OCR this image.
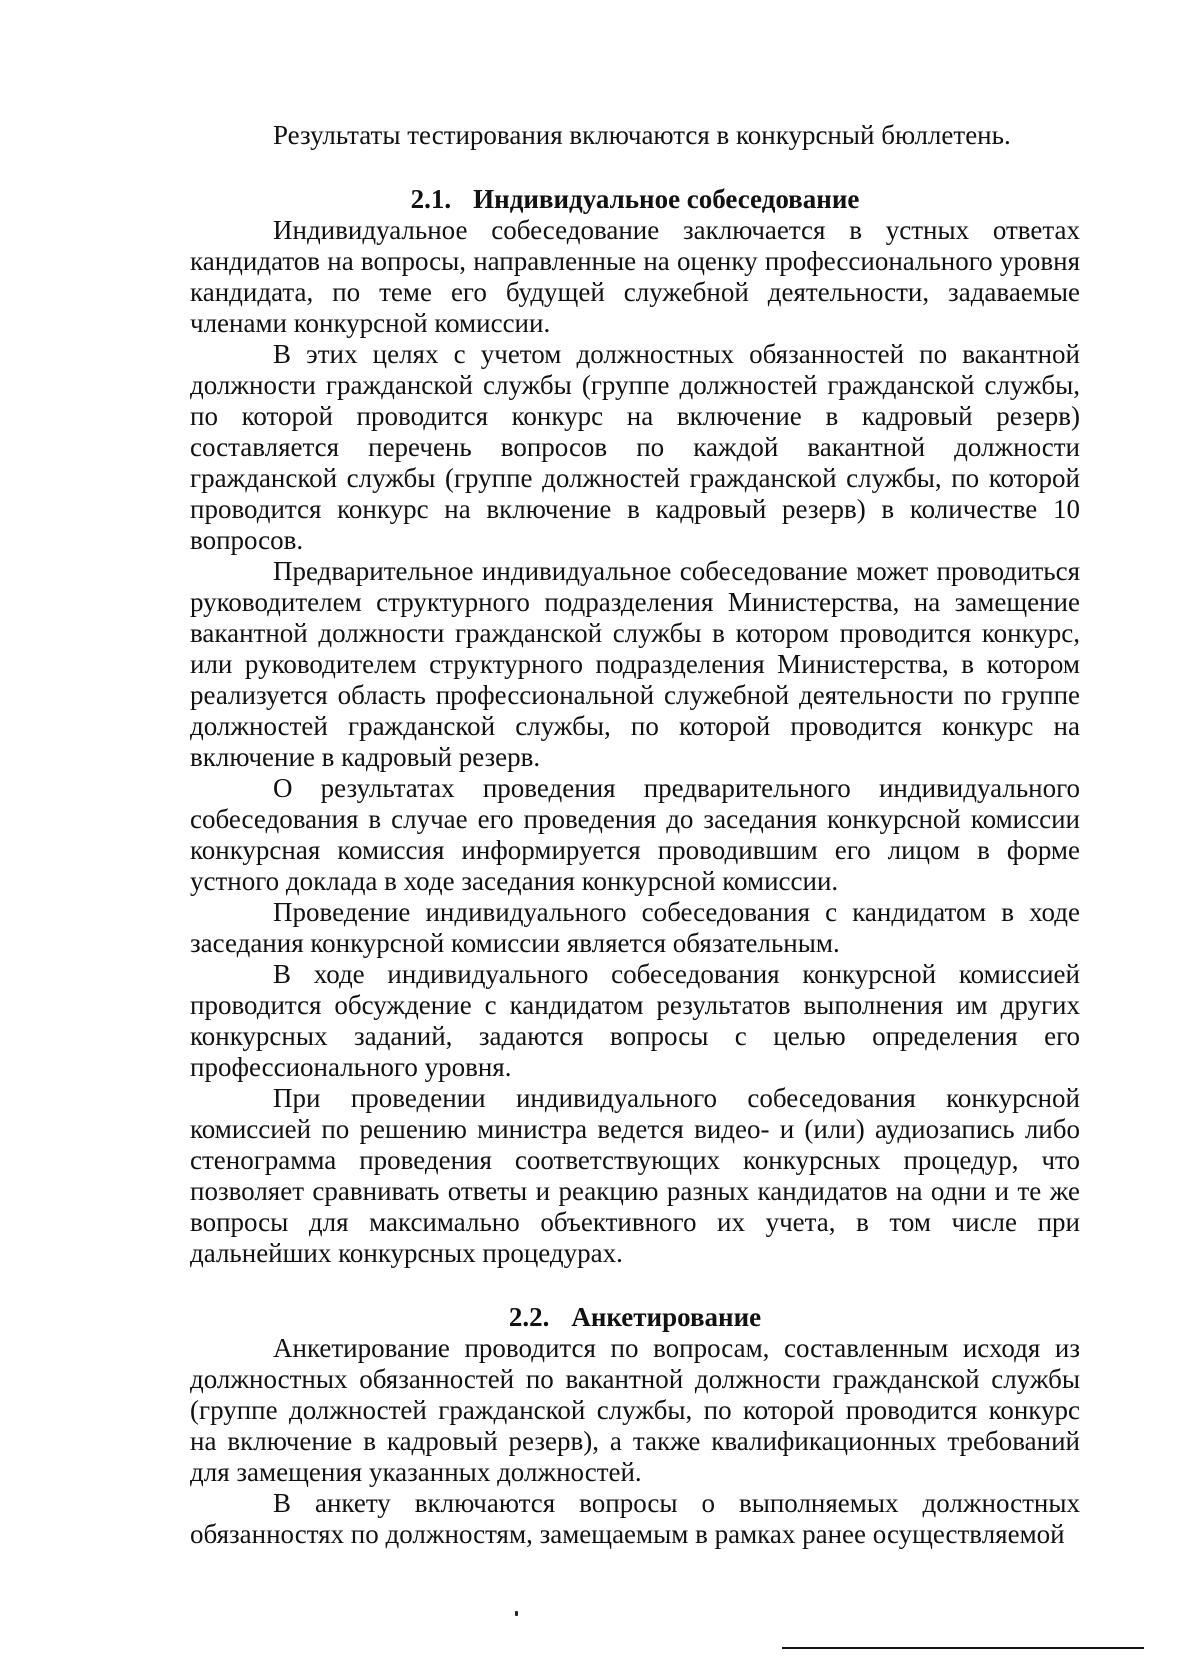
Результаты тестирования включаются в конкурсный бюллетень.

2.1. Индивидуальное собеседование

Индивидуальное собеседование заключается в устных ответах кандидатов на вопросы, направленные на оценку профессионального уровня кандидата, по теме его будущей служебной деятельности, задаваемые членами конкурсной комиссии.

В этих целях с учетом должностных обязанностей по вакантной должности гражданской службы (группе должностей гражданской службы, по которой проводится конкурс на включение в кадровый резерв) составляется перечень вопросов по каждой вакантной должности гражданской службы (группе должностей гражданской службы, по которой проводится конкурс на включение в кадровый резерв) в количестве 10 вопросов.

Предварительное индивидуальное собеседование может проводиться руководителем структурного подразделения Министерства, на замещение вакантной должности гражданской службы в котором проводится конкурс, или руководителем структурного подразделения Министерства, в котором реализуется область профессиональной служебной деятельности по группе должностей гражданской службы, по которой проводится конкурс на включение в кадровый резерв.

О результатах проведения предварительного индивидуального собеседования в случае его проведения до заседания конкурсной комиссии конкурсная комиссия информируется проводившим его лицом в форме устного доклада в ходе заседания конкурсной комиссии.

Проведение индивидуального собеседования с кандидатом в ходе заседания конкурсной комиссии является обязательным.

В ходе индивидуального собеседования конкурсной комиссией проводится обсуждение с кандидатом результатов выполнения им других конкурсных заданий, задаются вопросы с целью определения его профессионального уровня.

При проведении индивидуального собеседования конкурсной комиссией по решению министра ведется видео- и (или) аудиозапись либо стенограмма проведения соответствующих конкурсных процедур, что позволяет сравнивать ответы и реакцию разных кандидатов на одни и те же вопросы для максимально объективного их учета, в том числе при дальнейших конкурсных процедурах.

2.2. Анкетирование

Анкетирование проводится по вопросам, составленным исходя из должностных обязанностей по вакантной должности гражданской службы (группе должностей гражданской службы, по которой проводится конкурс на включение в кадровый резерв), а также квалификационных требований для замещения указанных должностей.

В анкету включаются вопросы о выполняемых должностных обязанностях по должностям, замещаемым в рамках ранее осуществляемой
